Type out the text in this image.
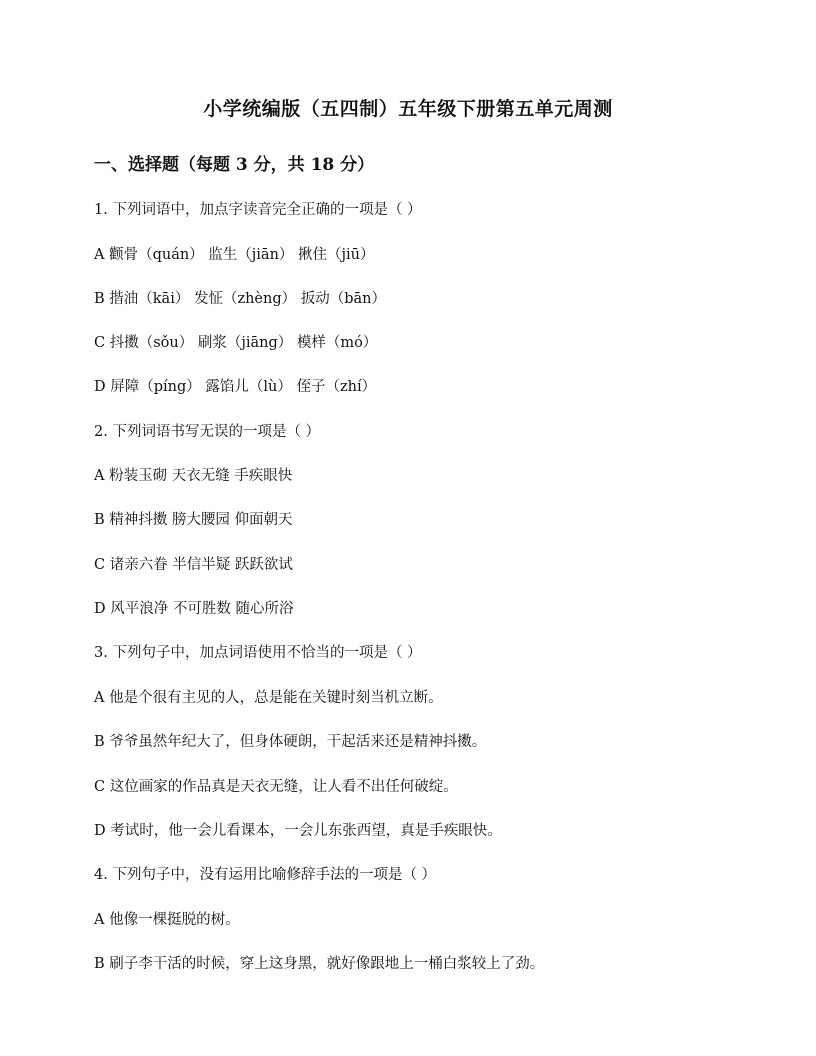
小学统编版（五四制）五年级下册第五单元周测
一、选择题（每题 3 分，共 18 分）
1. 下列词语中，加点字读音完全正确的一项是（ ）
A 颧骨（quán） 监生（jiān） 揪住（jiū）
B 揩油（kāi） 发怔（zhèng） 扳动（bān）
C 抖擞（sǒu） 刷浆（jiāng） 模样（mó）
D 屏障（píng） 露馅儿（lù） 侄子（zhí）
2. 下列词语书写无误的一项是（ ）
A 粉装玉砌 天衣无缝 手疾眼快
B 精神抖擞 膀大腰园 仰面朝天
C 诸亲六眷 半信半疑 跃跃欲试
D 风平浪净 不可胜数 随心所浴
3. 下列句子中，加点词语使用不恰当的一项是（ ）
A 他是个很有主见的人，总是能在关键时刻当机立断。
B 爷爷虽然年纪大了，但身体硬朗，干起活来还是精神抖擞。
C 这位画家的作品真是天衣无缝，让人看不出任何破绽。
D 考试时，他一会儿看课本，一会儿东张西望，真是手疾眼快。
4. 下列句子中，没有运用比喻修辞手法的一项是（ ）
A 他像一棵挺脱的树。
B 刷子李干活的时候，穿上这身黑，就好像跟地上一桶白浆较上了劲。
